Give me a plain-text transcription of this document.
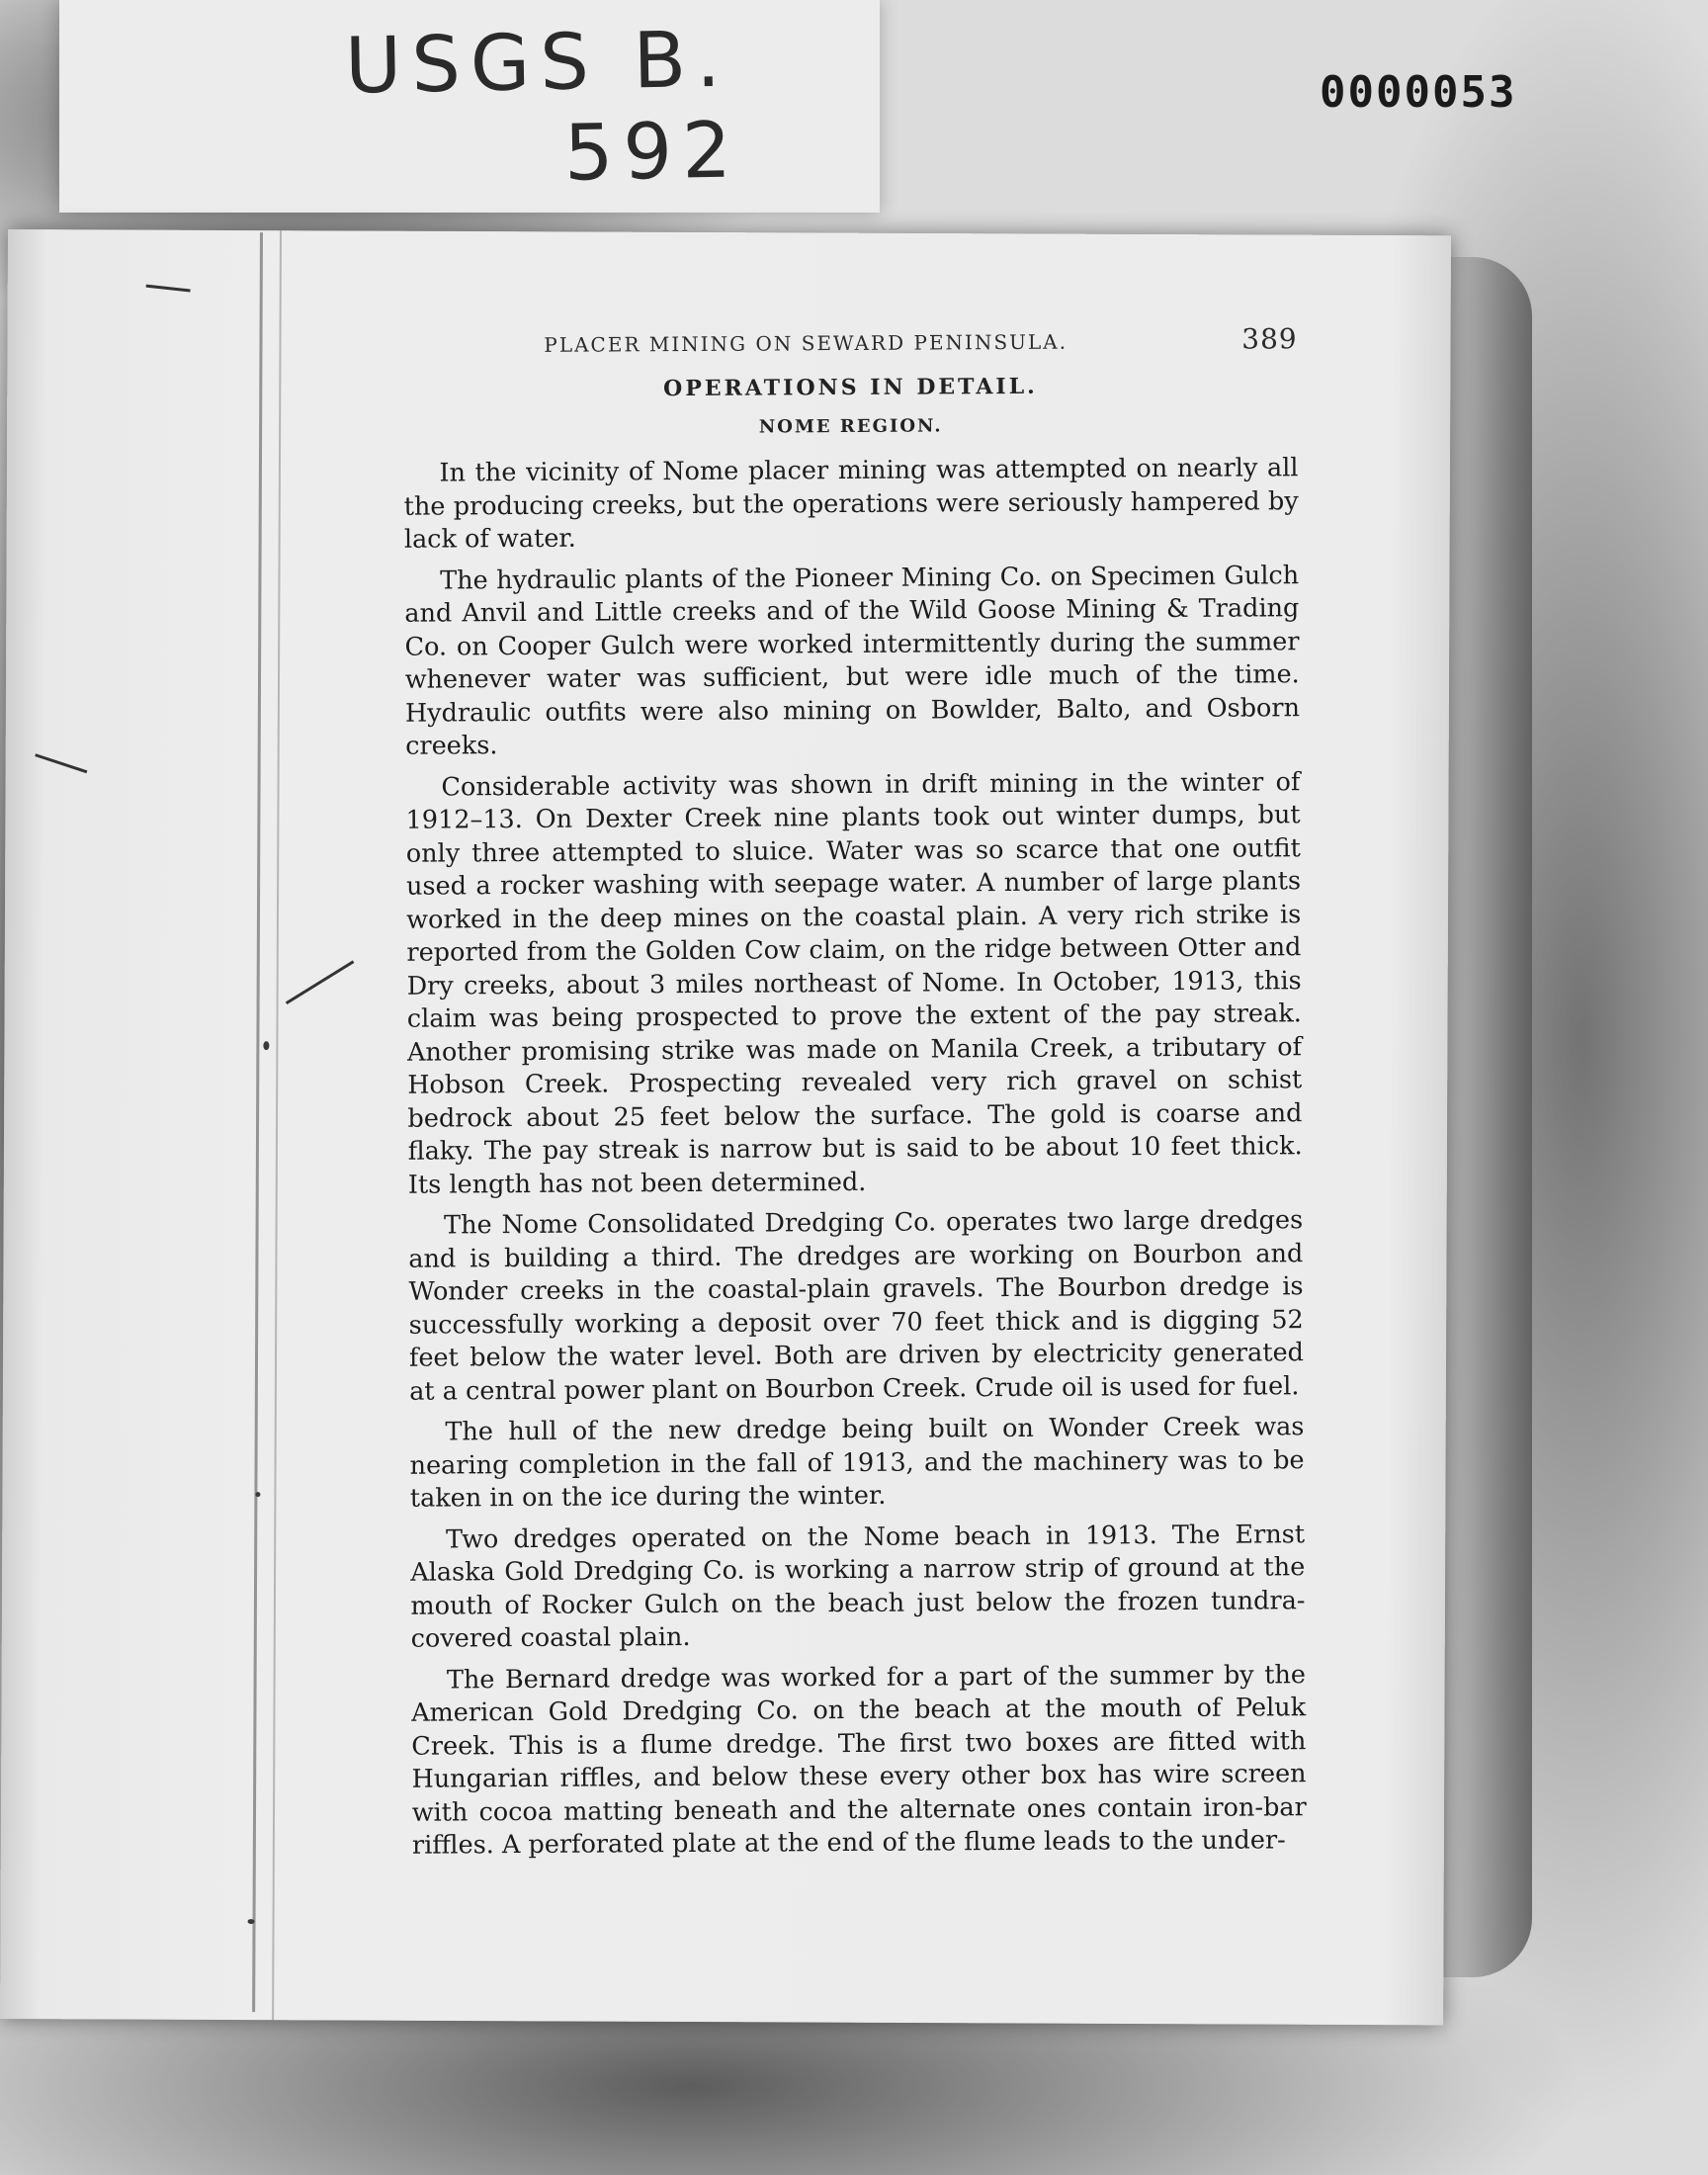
USGS B.
592
0000053
PLACER MINING ON SEWARD PENINSULA.	389
OPERATIONS IN DETAIL.
NOME REGION.

In the vicinity of Nome placer mining was attempted on nearly all the producing creeks, but the operations were seriously hampered by lack of water.

The hydraulic plants of the Pioneer Mining Co. on Specimen Gulch and Anvil and Little creeks and of the Wild Goose Mining & Trading Co. on Cooper Gulch were worked intermittently during the summer whenever water was sufficient, but were idle much of the time. Hydraulic outfits were also mining on Bowlder, Balto, and Osborn creeks.

Considerable activity was shown in drift mining in the winter of 1912–13. On Dexter Creek nine plants took out winter dumps, but only three attempted to sluice. Water was so scarce that one outfit used a rocker washing with seepage water. A number of large plants worked in the deep mines on the coastal plain. A very rich strike is reported from the Golden Cow claim, on the ridge between Otter and Dry creeks, about 3 miles northeast of Nome. In October, 1913, this claim was being prospected to prove the extent of the pay streak. Another promising strike was made on Manila Creek, a tributary of Hobson Creek. Prospecting revealed very rich gravel on schist bedrock about 25 feet below the surface. The gold is coarse and flaky. The pay streak is narrow but is said to be about 10 feet thick. Its length has not been determined.

The Nome Consolidated Dredging Co. operates two large dredges and is building a third. The dredges are working on Bourbon and Wonder creeks in the coastal-plain gravels. The Bourbon dredge is successfully working a deposit over 70 feet thick and is digging 52 feet below the water level. Both are driven by electricity generated at a central power plant on Bourbon Creek. Crude oil is used for fuel.

The hull of the new dredge being built on Wonder Creek was nearing completion in the fall of 1913, and the machinery was to be taken in on the ice during the winter.

Two dredges operated on the Nome beach in 1913. The Ernst Alaska Gold Dredging Co. is working a narrow strip of ground at the mouth of Rocker Gulch on the beach just below the frozen tundra-covered coastal plain.

The Bernard dredge was worked for a part of the summer by the American Gold Dredging Co. on the beach at the mouth of Peluk Creek. This is a flume dredge. The first two boxes are fitted with Hungarian riffles, and below these every other box has wire screen with cocoa matting beneath and the alternate ones contain iron-bar riffles. A perforated plate at the end of the flume leads to the under-
